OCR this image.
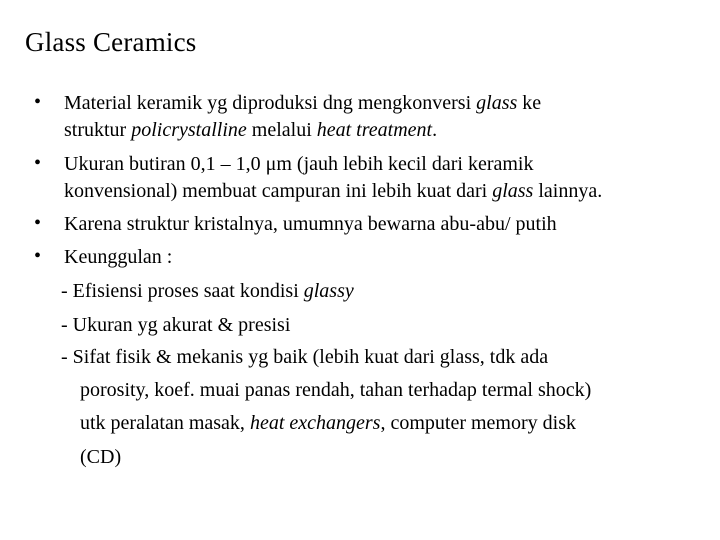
Glass Ceramics
• Material keramik yg diproduksi dng mengkonversi glass ke
struktur policrystalline melalui heat treatment.
• Ukuran butiran 0,1 – 1,0 μm (jauh lebih kecil dari keramik
konvensional) membuat campuran ini lebih kuat dari glass lainnya.
• Karena struktur kristalnya, umumnya bewarna abu-abu/ putih
• Keunggulan :
- Efisiensi proses saat kondisi glassy
- Ukuran yg akurat & presisi
- Sifat fisik & mekanis yg baik (lebih kuat dari glass, tdk ada
porosity, koef. muai panas rendah, tahan terhadap termal shock)
utk peralatan masak, heat exchangers, computer memory disk
(CD)
